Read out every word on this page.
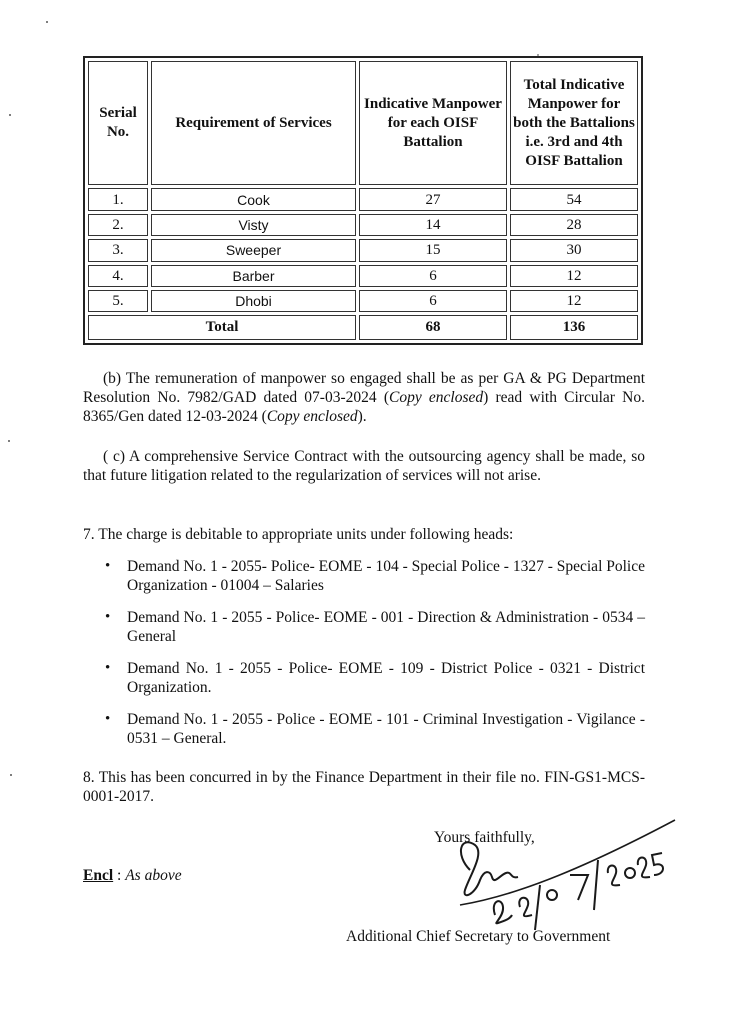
Serial No.	Requirement of Services	Indicative Manpower for each OISF Battalion	Total Indicative Manpower for both the Battalions i.e. 3rd and 4th OISF Battalion
1.	Cook	27	54
2.	Visty	14	28
3.	Sweeper	15	30
4.	Barber	6	12
5.	Dhobi	6	12
Total		68	136
(b) The remuneration of manpower so engaged shall be as per GA & PG Department Resolution No. 7982/GAD dated 07-03-2024 (Copy enclosed) read with Circular No. 8365/Gen dated 12-03-2024 (Copy enclosed).
( c) A comprehensive Service Contract with the outsourcing agency shall be made, so that future litigation related to the regularization of services will not arise.
7. The charge is debitable to appropriate units under following heads:
• Demand No. 1 - 2055- Police- EOME - 104 - Special Police - 1327 - Special Police Organization - 01004 – Salaries
• Demand No. 1 - 2055 - Police- EOME - 001 - Direction & Administration - 0534 – General
• Demand No. 1 - 2055 - Police- EOME - 109 - District Police - 0321 - District Organization.
• Demand No. 1 - 2055 - Police - EOME - 101 - Criminal Investigation - Vigilance - 0531 – General.
8. This has been concurred in by the Finance Department in their file no. FIN-GS1-MCS-0001-2017.
Yours faithfully,
Encl : As above
Additional Chief Secretary to Government
